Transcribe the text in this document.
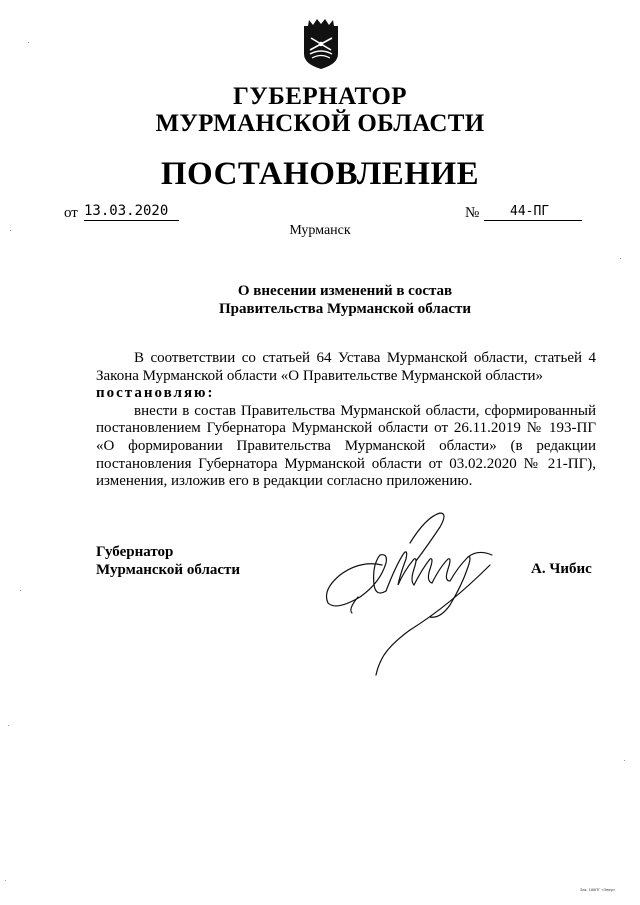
ГУБЕРНАТОР
МУРМАНСКОЙ ОБЛАСТИ
ПОСТАНОВЛЕНИЕ
от 13.03.2020	№	44-ПГ
Мурманск
О внесении изменений в состав
Правительства Мурманской области

В соответствии со статьей 64 Устава Мурманской области, статьей 4 Закона Мурманской области «О Правительстве Мурманской области»

постановляю:

внести в состав Правительства Мурманской области, сформированный постановлением Губернатора Мурманской области от 26.11.2019 № 193-ПГ «О формировании Правительства Мурманской области» (в редакции постановления Губернатора Мурманской области от 03.02.2020 № 21-ПГ), изменения, изложив его в редакции согласно приложению.

Губернатор
Мурманской области	А. Чибис
Зак. 186ПГ «Эвер»
